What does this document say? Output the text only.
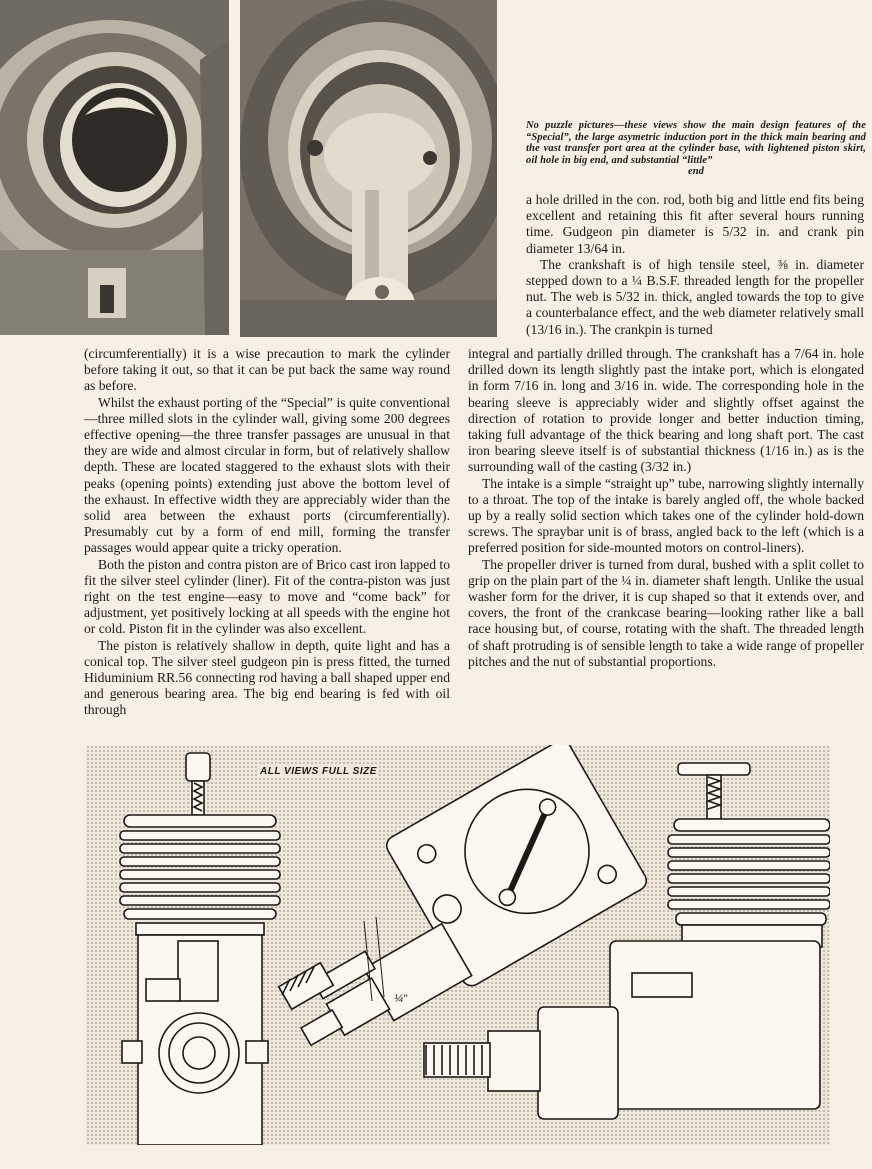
No puzzle pictures—these views show the main design features of the “Special”, the large asymetric induction port in the thick main bearing and the vast transfer port area at the cylinder base, with lightened piston skirt, oil hole in big end, and substantial “little”
end

a hole drilled in the con. rod, both big and little end fits being excellent and retaining this fit after several hours running time. Gudgeon pin diameter is 5/32 in. and crank pin diameter 13/64 in.

The crankshaft is of high tensile steel, ⅜ in. diameter stepped down to a ¼ B.S.F. threaded length for the propeller nut. The web is 5/32 in. thick, angled towards the top to give a counterbalance effect, and the web diameter relatively small (13/16 in.). The crankpin is turned

(circumferentially) it is a wise precaution to mark the cylinder before taking it out, so that it can be put back the same way round as before.

Whilst the exhaust porting of the “Special” is quite conventional—three milled slots in the cylinder wall, giving some 200 degrees effective opening—the three transfer passages are unusual in that they are wide and almost circular in form, but of relatively shallow depth. These are located staggered to the exhaust slots with their peaks (opening points) extending just above the bottom level of the exhaust. In effective width they are appreciably wider than the solid area between the exhaust ports (circumferentially). Presumably cut by a form of end mill, forming the transfer passages would appear quite a tricky operation.

Both the piston and contra piston are of Brico cast iron lapped to fit the silver steel cylinder (liner). Fit of the contra-piston was just right on the test engine—easy to move and “come back” for adjustment, yet positively locking at all speeds with the engine hot or cold. Piston fit in the cylinder was also excellent.

The piston is relatively shallow in depth, quite light and has a conical top. The silver steel gudgeon pin is press fitted, the turned Hiduminium RR.56 connecting rod having a ball shaped upper end and generous bearing area. The big end bearing is fed with oil through

integral and partially drilled through. The crankshaft has a 7/64 in. hole drilled down its length slightly past the intake port, which is elongated in form 7/16 in. long and 3/16 in. wide. The corresponding hole in the bearing sleeve is appreciably wider and slightly offset against the direction of rotation to provide longer and better induction timing, taking full advantage of the thick bearing and long shaft port. The cast iron bearing sleeve itself is of substantial thickness (1/16 in.) as is the surrounding wall of the casting (3/32 in.)

The intake is a simple “straight up” tube, narrowing slightly internally to a throat. The top of the intake is barely angled off, the whole backed up by a really solid section which takes one of the cylinder hold-down screws. The spraybar unit is of brass, angled back to the left (which is a preferred position for side-mounted motors on control-liners).

The propeller driver is turned from dural, bushed with a split collet to grip on the plain part of the ¼ in. diameter shaft length. Unlike the usual washer form for the driver, it is cup shaped so that it extends over, and covers, the front of the crankcase bearing—looking rather like a ball race housing but, of course, rotating with the shaft. The threaded length of shaft protruding is of sensible length to take a wide range of propeller pitches and the nut of substantial proportions.

ALL VIEWS FULL SIZE
¼"
